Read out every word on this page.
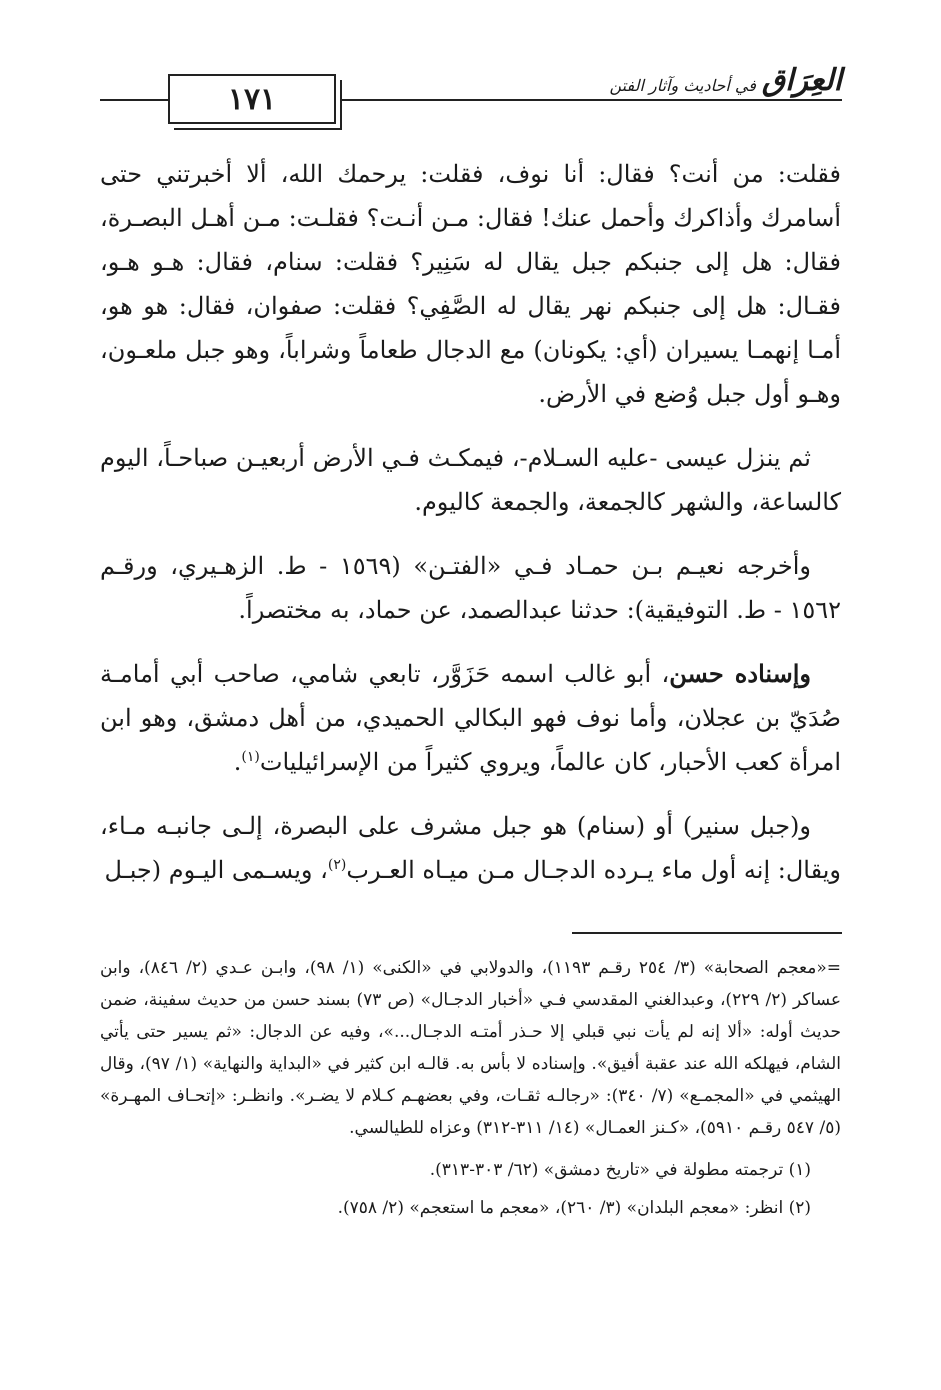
١٧١
العِرَاق
في أحاديث وآثار الفتن

فقلت: من أنت؟ فقال: أنا نوف، فقلت: يرحمك الله، ألا أخبرتني حتى أسامرك وأذاكرك وأحمل عنك! فقال: مـن أنـت؟ فقلـت: مـن أهـل البصـرة، فقال: هل إلى جنبكم جبل يقال له سَنِير؟ فقلت: سنام، فقال: هـو هـو، فقـال: هل إلى جنبكم نهر يقال له الصَّفِي؟ فقلت: صفوان، فقال: هو هو، أمـا إنهمـا يسيران (أي: يكونان) مع الدجال طعاماً وشراباً، وهو جبل ملعـون، وهـو أول جبل وُضع في الأرض.

ثم ينزل عيسى -عليه السـلام-، فيمكـث فـي الأرض أربعيـن صباحـاً، اليوم كالساعة، والشهر كالجمعة، والجمعة كاليوم.

وأخرجه نعيـم بـن حمـاد فـي «الفتـن» (١٥٦٩ - ط. الزهـيري، ورقـم ١٥٦٢ - ط. التوفيقية): حدثنا عبدالصمد، عن حماد، به مختصراً.

وإسناده حسن، أبو غالب اسمه حَزَوَّر، تابعي شامي، صاحب أبي أمامـة صُدَيّ بن عجلان، وأما نوف فهو البكالي الحميدي، من أهل دمشق، وهو ابن امرأة كعب الأحبار، كان عالماً، ويروي كثيراً من الإسرائيليات$^{(١)}$.

و(جبل سنير) أو (سنام) هو جبل مشرف على البصرة، إلـى جانبـه مـاء، ويقال: إنه أول ماء يـرده الدجـال مـن ميـاه العـرب$^{(٢)}$، ويسـمى اليـوم (جبـل

=«معجم الصحابة» (٣/ ٢٥٤ رقـم ١١٩٣)، والدولابي في «الكنى» (١/ ٩٨)، وابـن عـدي (٢/ ٨٤٦)، وابن عساكر (٢/ ٢٢٩)، وعبدالغني المقدسي فـي «أخبار الدجـال» (ص ٧٣) بسند حسن من حديث سفينة، ضمن حديث أوله: «ألا إنه لم يأت نبي قبلي إلا حـذر أمتـه الدجـال...»، وفيه عن الدجال: «ثم يسير حتى يأتي الشام، فيهلكه الله عند عقبة أفيق». وإسناده لا بأس به. قالـه ابن كثير في «البداية والنهاية» (١/ ٩٧)، وقال الهيثمي في «المجمـع» (٧/ ٣٤٠): «رجالـه ثقـات، وفي بعضهـم كـلام لا يضـر». وانظـر: «إتحـاف المهـرة» (٥/ ٥٤٧ رقـم ٥٩١٠)، «كـنز العمـال» (١٤/ ٣١١-٣١٢) وعزاه للطيالسي.

(١) ترجمته مطولة في «تاريخ دمشق» (٦٢/ ٣٠٣-٣١٣).

(٢) انظر: «معجم البلدان» (٣/ ٢٦٠)، «معجم ما استعجم» (٢/ ٧٥٨).
